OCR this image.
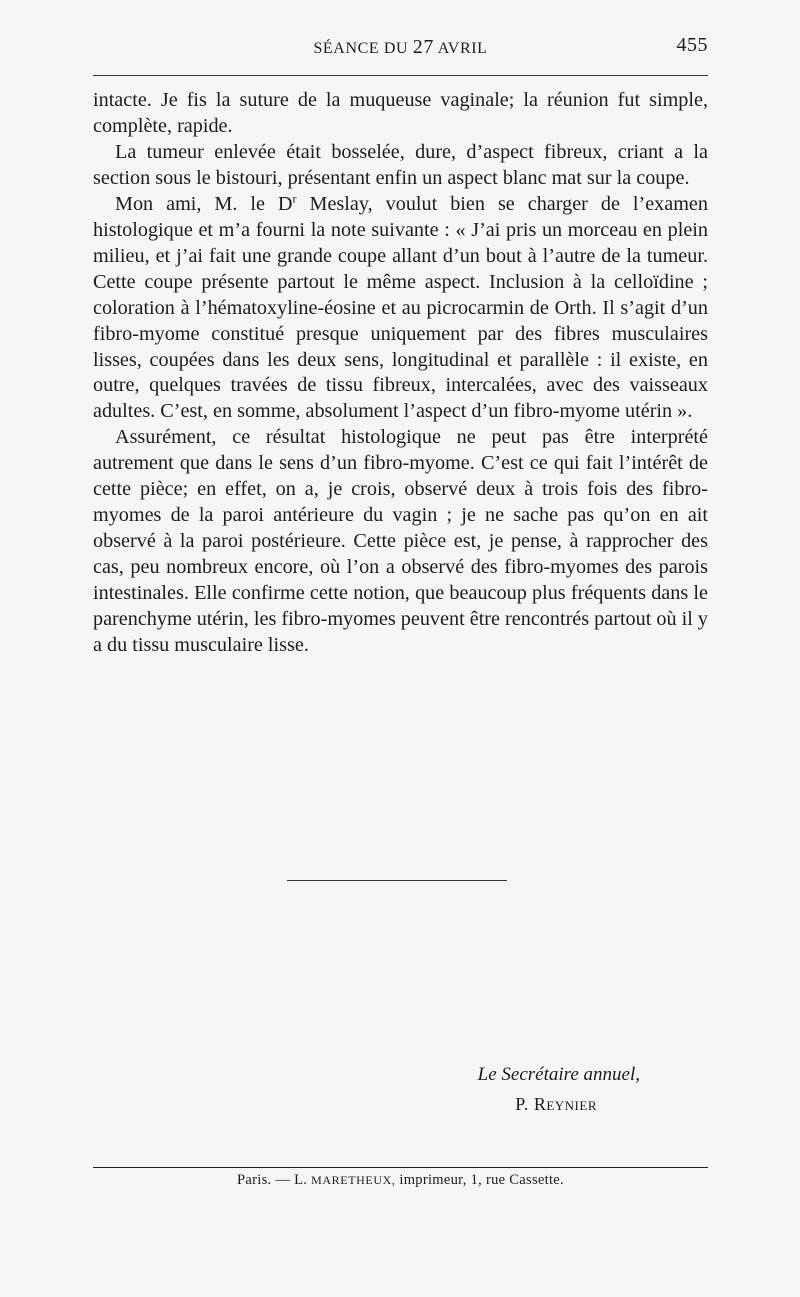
SÉANCE DU 27 AVRIL	455

intacte. Je fis la suture de la muqueuse vaginale; la réunion fut simple, complète, rapide.

La tumeur enlevée était bosselée, dure, d’aspect fibreux, criant a la section sous le bistouri, présentant enfin un aspect blanc mat sur la coupe.

Mon ami, M. le $D^r$ Meslay, voulut bien se charger de l’examen histologique et m’a fourni la note suivante : « J’ai pris un morceau en plein milieu, et j’ai fait une grande coupe allant d’un bout à l’autre de la tumeur. Cette coupe présente partout le même aspect. Inclusion à la celloïdine ; coloration à l’hématoxyline-éosine et au picrocarmin de Orth. Il s’agit d’un fibro-myome constitué presque uniquement par des fibres musculaires lisses, coupées dans les deux sens, longitudinal et parallèle : il existe, en outre, quelques travées de tissu fibreux, intercalées, avec des vaisseaux adultes. C’est, en somme, absolument l’aspect d’un fibro-myome utérin ».

Assurément, ce résultat histologique ne peut pas être interprété autrement que dans le sens d’un fibro-myome. C’est ce qui fait l’intérêt de cette pièce; en effet, on a, je crois, observé deux à trois fois des fibro-myomes de la paroi antérieure du vagin ; je ne sache pas qu’on en ait observé à la paroi postérieure. Cette pièce est, je pense, à rapprocher des cas, peu nombreux encore, où l’on a observé des fibro-myomes des parois intestinales. Elle confirme cette notion, que beaucoup plus fréquents dans le parenchyme utérin, les fibro-myomes peuvent être rencontrés partout où il y a du tissu musculaire lisse.

Le Secrétaire annuel,
P. REYNIER
Paris. — L. MARETHEUX, imprimeur, 1, rue Cassette.
